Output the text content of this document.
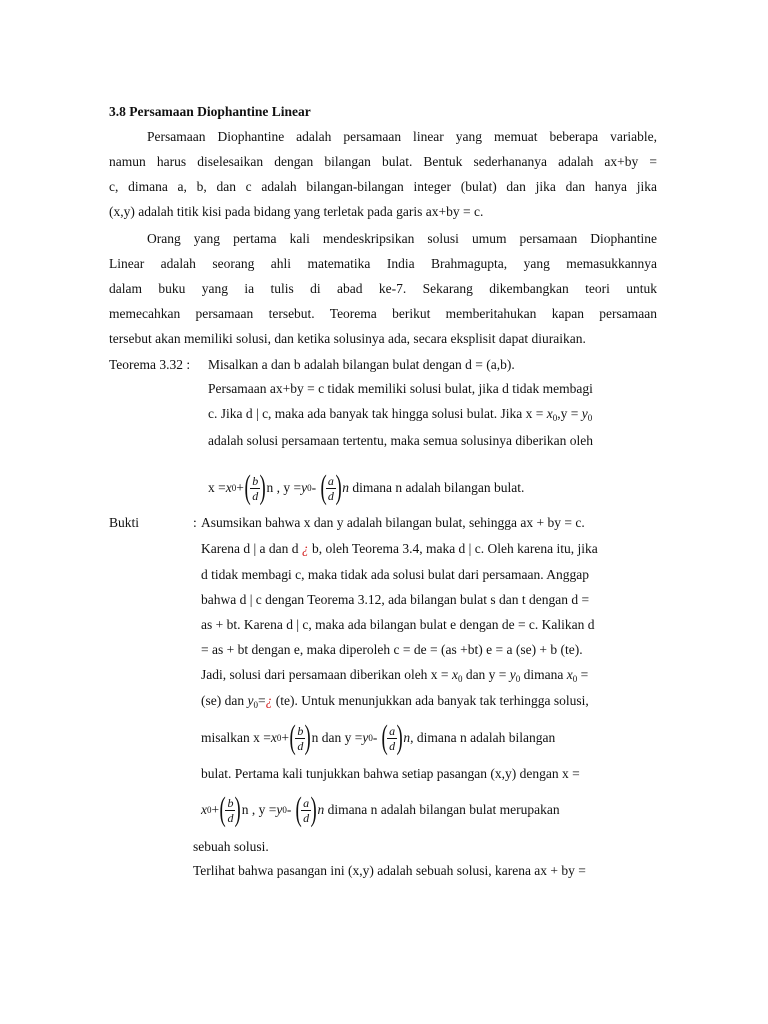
3.8 Persamaan Diophantine Linear
Persamaan Diophantine adalah persamaan linear yang memuat beberapa variable,
namun harus diselesaikan dengan bilangan bulat. Bentuk sederhananya adalah ax+by =
c, dimana a, b, dan c adalah bilangan-bilangan integer (bulat) dan jika dan hanya jika
(x,y) adalah titik kisi pada bidang yang terletak pada garis ax+by = c.
Orang yang pertama kali mendeskripsikan solusi umum persamaan Diophantine
Linear adalah seorang ahli matematika India Brahmagupta, yang memasukkannya
dalam buku yang ia tulis di abad ke-7. Sekarang dikembangkan teori untuk
memecahkan persamaan tersebut. Teorema berikut memberitahukan kapan persamaan
tersebut akan memiliki solusi, dan ketika solusinya ada, secara eksplisit dapat diuraikan.
Teorema 3.32 : Misalkan a dan b adalah bilangan bulat dengan d = (a,b).
Persamaan ax+by = c tidak memiliki solusi bulat, jika d tidak membagi
c. Jika d | c, maka ada banyak tak hingga solusi bulat. Jika $x = x_0,y = y_0$
adalah solusi persamaan tertentu, maka semua solusinya diberikan oleh
x = x 0 + ( $\frac{b}{d}$ ) n , y = y 0 - ( $\frac{a}{d}$ ) n
dimana n adalah bilangan bulat.
Bukti	: Asumsikan bahwa x dan y adalah bilangan bulat, sehingga ax + by = c.
Karena d | a dan d ¿ b, oleh Teorema 3.4, maka d | c. Oleh karena itu, jika
d tidak membagi c, maka tidak ada solusi bulat dari persamaan. Anggap
bahwa d | c dengan Teorema 3.12, ada bilangan bulat s dan t dengan d =
as + bt. Karena d | c, maka ada bilangan bulat e dengan de = c. Kalikan d
= as + bt dengan e, maka diperoleh c = de = (as +bt) e = a (se) + b (te).
Jadi, solusi dari persamaan diberikan oleh $x = x_0$ dan $y = y_0$ dimana $x_0$ =
(se) dan $y_0=¿$ (te). Untuk menunjukkan ada banyak tak terhingga solusi,
misalkan x = x 0 + ( $\frac{b}{d}$ ) n dan y = y 0 - ( $\frac{a}{d}$ ) n , dimana n adalah bilangan
bulat. Pertama kali tunjukkan bahwa setiap pasangan (x,y) dengan x =
x 0 + ( $\frac{b}{d}$ ) n , y = y 0 - ( $\frac{a}{d}$ ) n
dimana n adalah bilangan bulat merupakan
sebuah solusi.
Terlihat bahwa pasangan ini (x,y) adalah sebuah solusi, karena ax + by =
